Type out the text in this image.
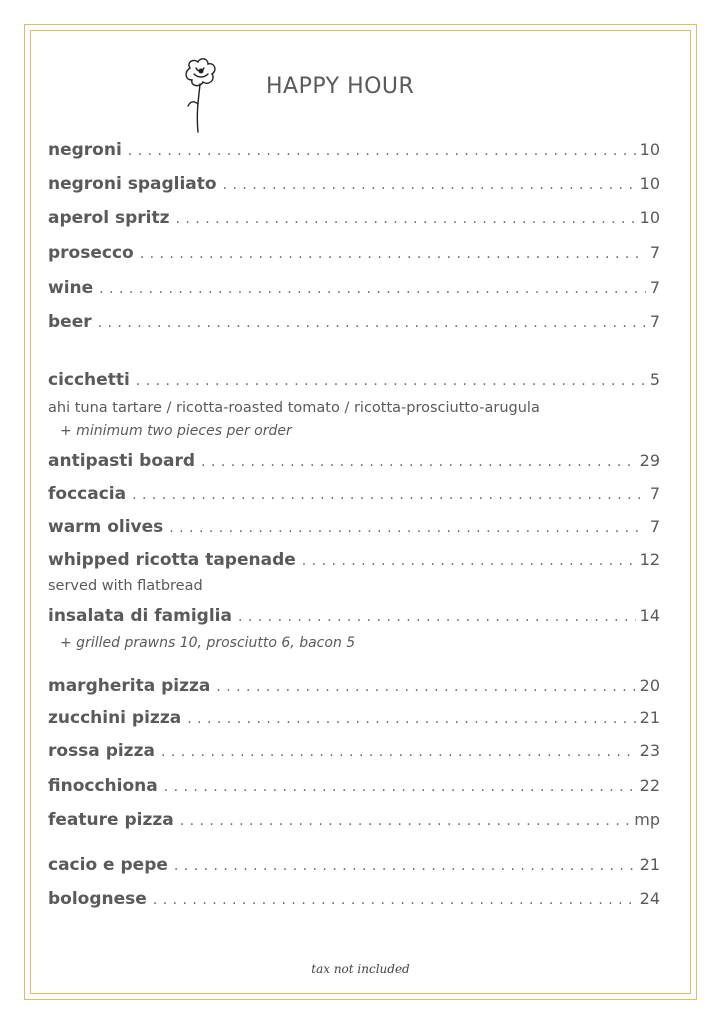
HAPPY HOUR
negroni . . .	10
negroni spagliato . . .	10
aperol spritz . . .	10
prosecco . . .	7
wine . . .	7
beer . . .	7
cicchetti . . .	5
ahi tuna tartare / ricotta-roasted tomato / ricotta-prosciutto-arugula
+ minimum two pieces per order
antipasti board . . .	29
foccacia . . .	7
warm olives . . .	7
whipped ricotta tapenade . . .	12
served with flatbread
insalata di famiglia . . .	14
+ grilled prawns 10, prosciutto 6, bacon 5
margherita pizza . . .	20
zucchini pizza . . .	21
rossa pizza . . .	23
finocchiona . . .	22
feature pizza . . .	mp
cacio e pepe . . .	21
bolognese . . .	24
tax not included
